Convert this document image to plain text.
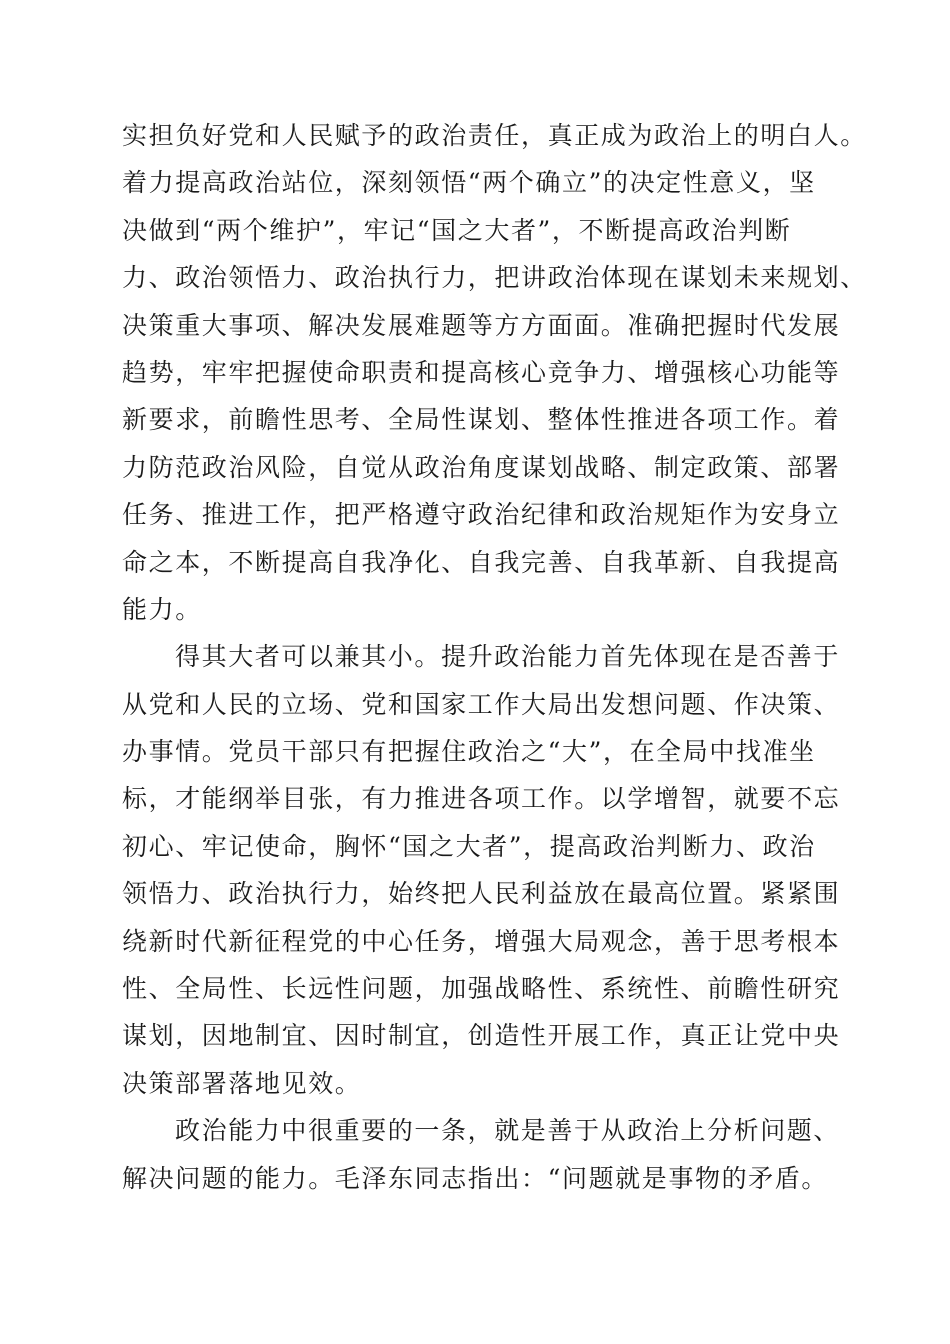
实担负好党和人民赋予的政治责任，真正成为政治上的明白人。
着力提高政治站位，深刻领悟“两个确立”的决定性意义，坚
决做到“两个维护”，牢记“国之大者”，不断提高政治判断
力、政治领悟力、政治执行力，把讲政治体现在谋划未来规划、
决策重大事项、解决发展难题等方方面面。准确把握时代发展
趋势，牢牢把握使命职责和提高核心竞争力、增强核心功能等
新要求，前瞻性思考、全局性谋划、整体性推进各项工作。着
力防范政治风险，自觉从政治角度谋划战略、制定政策、部署
任务、推进工作，把严格遵守政治纪律和政治规矩作为安身立
命之本，不断提高自我净化、自我完善、自我革新、自我提高
能力。
得其大者可以兼其小。提升政治能力首先体现在是否善于
从党和人民的立场、党和国家工作大局出发想问题、作决策、
办事情。党员干部只有把握住政治之“大”，在全局中找准坐
标，才能纲举目张，有力推进各项工作。以学增智，就要不忘
初心、牢记使命，胸怀“国之大者”，提高政治判断力、政治
领悟力、政治执行力，始终把人民利益放在最高位置。紧紧围
绕新时代新征程党的中心任务，增强大局观念，善于思考根本
性、全局性、长远性问题，加强战略性、系统性、前瞻性研究
谋划，因地制宜、因时制宜，创造性开展工作，真正让党中央
决策部署落地见效。
政治能力中很重要的一条，就是善于从政治上分析问题、
解决问题的能力。毛泽东同志指出：“问题就是事物的矛盾。
